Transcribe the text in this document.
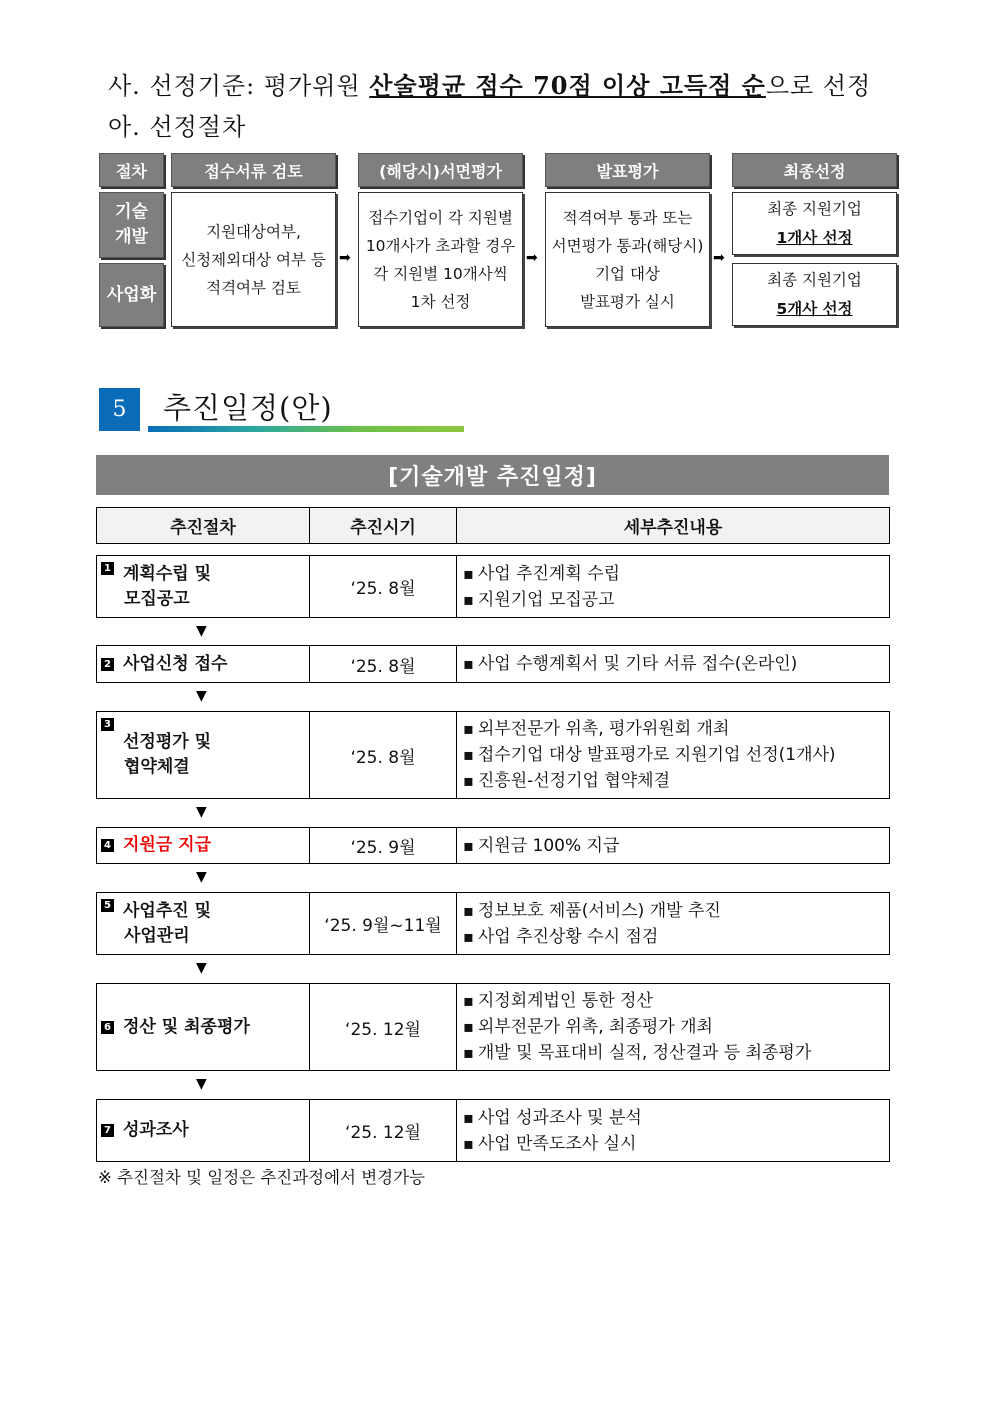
사. 선정기준: 평가위원 산술평균 점수 70점 이상 고득점 순으로 선정
아. 선정절차
절차	접수서류 검토	(해당시)서면평가	발표평가	최종선정
기술
개발
사업화
지원대상여부,
신청제외대상 여부 등
적격여부 검토
➡
접수기업이 각 지원별
10개사가 초과할 경우
각 지원별 10개사씩
1차 선정
➡
적격여부 통과 또는
서면평가 통과(해당시)
기업 대상
발표평가 실시
➡
최종 지원기업
1개사 선정
최종 지원기업
5개사 선정
5	추진일정(안)
[기술개발 추진일정]
추진절차	추진시기	세부추진내용
1 계획수립 및
모집공고	‘25. 8월
▪ 사업 추진계획 수립
▪ 지원기업 모집공고
▼
2 사업신청 접수	‘25. 8월	▪ 사업 수행계획서 및 기타 서류 접수(온라인)
▼
3
선정평가 및
협약체결	‘25. 8월
▪ 외부전문가 위촉, 평가위원회 개최
▪ 접수기업 대상 발표평가로 지원기업 선정(1개사)
▪ 진흥원-선정기업 협약체결
▼
4 지원금 지급	‘25. 9월	▪ 지원금 100% 지급
▼
5 사업추진 및
사업관리	‘25. 9월~11월
▪ 정보보호 제품(서비스) 개발 추진
▪ 사업 추진상황 수시 점검
▼
6 정산 및 최종평가	‘25. 12월
▪ 지정회계법인 통한 정산
▪ 외부전문가 위촉, 최종평가 개최
▪ 개발 및 목표대비 실적, 정산결과 등 최종평가
▼
7 성과조사	‘25. 12월
▪ 사업 성과조사 및 분석
▪ 사업 만족도조사 실시
※ 추진절차 및 일정은 추진과정에서 변경가능
